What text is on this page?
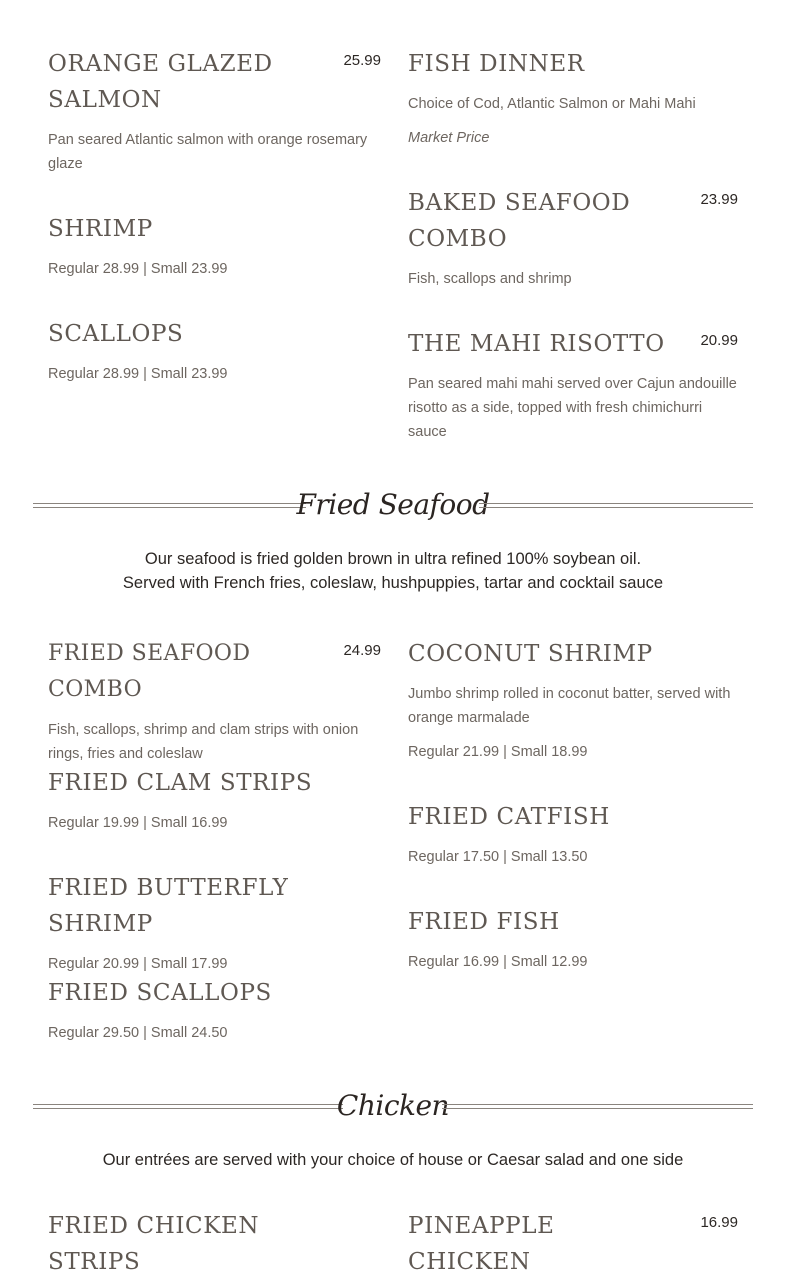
ORANGE GLAZED SALMON
25.99

Pan seared Atlantic salmon with orange rosemary glaze

SHRIMP

Regular 28.99 | Small 23.99

SCALLOPS

Regular 28.99 | Small 23.99

FISH DINNER

Choice of Cod, Atlantic Salmon or Mahi Mahi

Market Price

BAKED SEAFOOD COMBO
23.99

Fish, scallops and shrimp

THE MAHI RISOTTO	20.99

Pan seared mahi mahi served over Cajun andouille risotto as a side, topped with fresh chimichurri sauce

Fried Seafood
Our seafood is fried golden brown in ultra refined 100% soybean oil.
Served with French fries, coleslaw, hushpuppies, tartar and cocktail sauce
FRIED SEAFOOD COMBO
24.99

Fish, scallops, shrimp and clam strips with onion rings, fries and coleslaw

FRIED CLAM STRIPS

Regular 19.99 | Small 16.99

FRIED BUTTERFLY SHRIMP

Regular 20.99 | Small 17.99

FRIED SCALLOPS

Regular 29.50 | Small 24.50

COCONUT SHRIMP

Jumbo shrimp rolled in coconut batter, served with orange marmalade

Regular 21.99 | Small 18.99

FRIED CATFISH

Regular 17.50 | Small 13.50

FRIED FISH

Regular 16.99 | Small 12.99

Chicken
Our entrées are served with your choice of house or Caesar salad and one side
FRIED CHICKEN STRIPS
PINEAPPLE CHICKEN
16.99
